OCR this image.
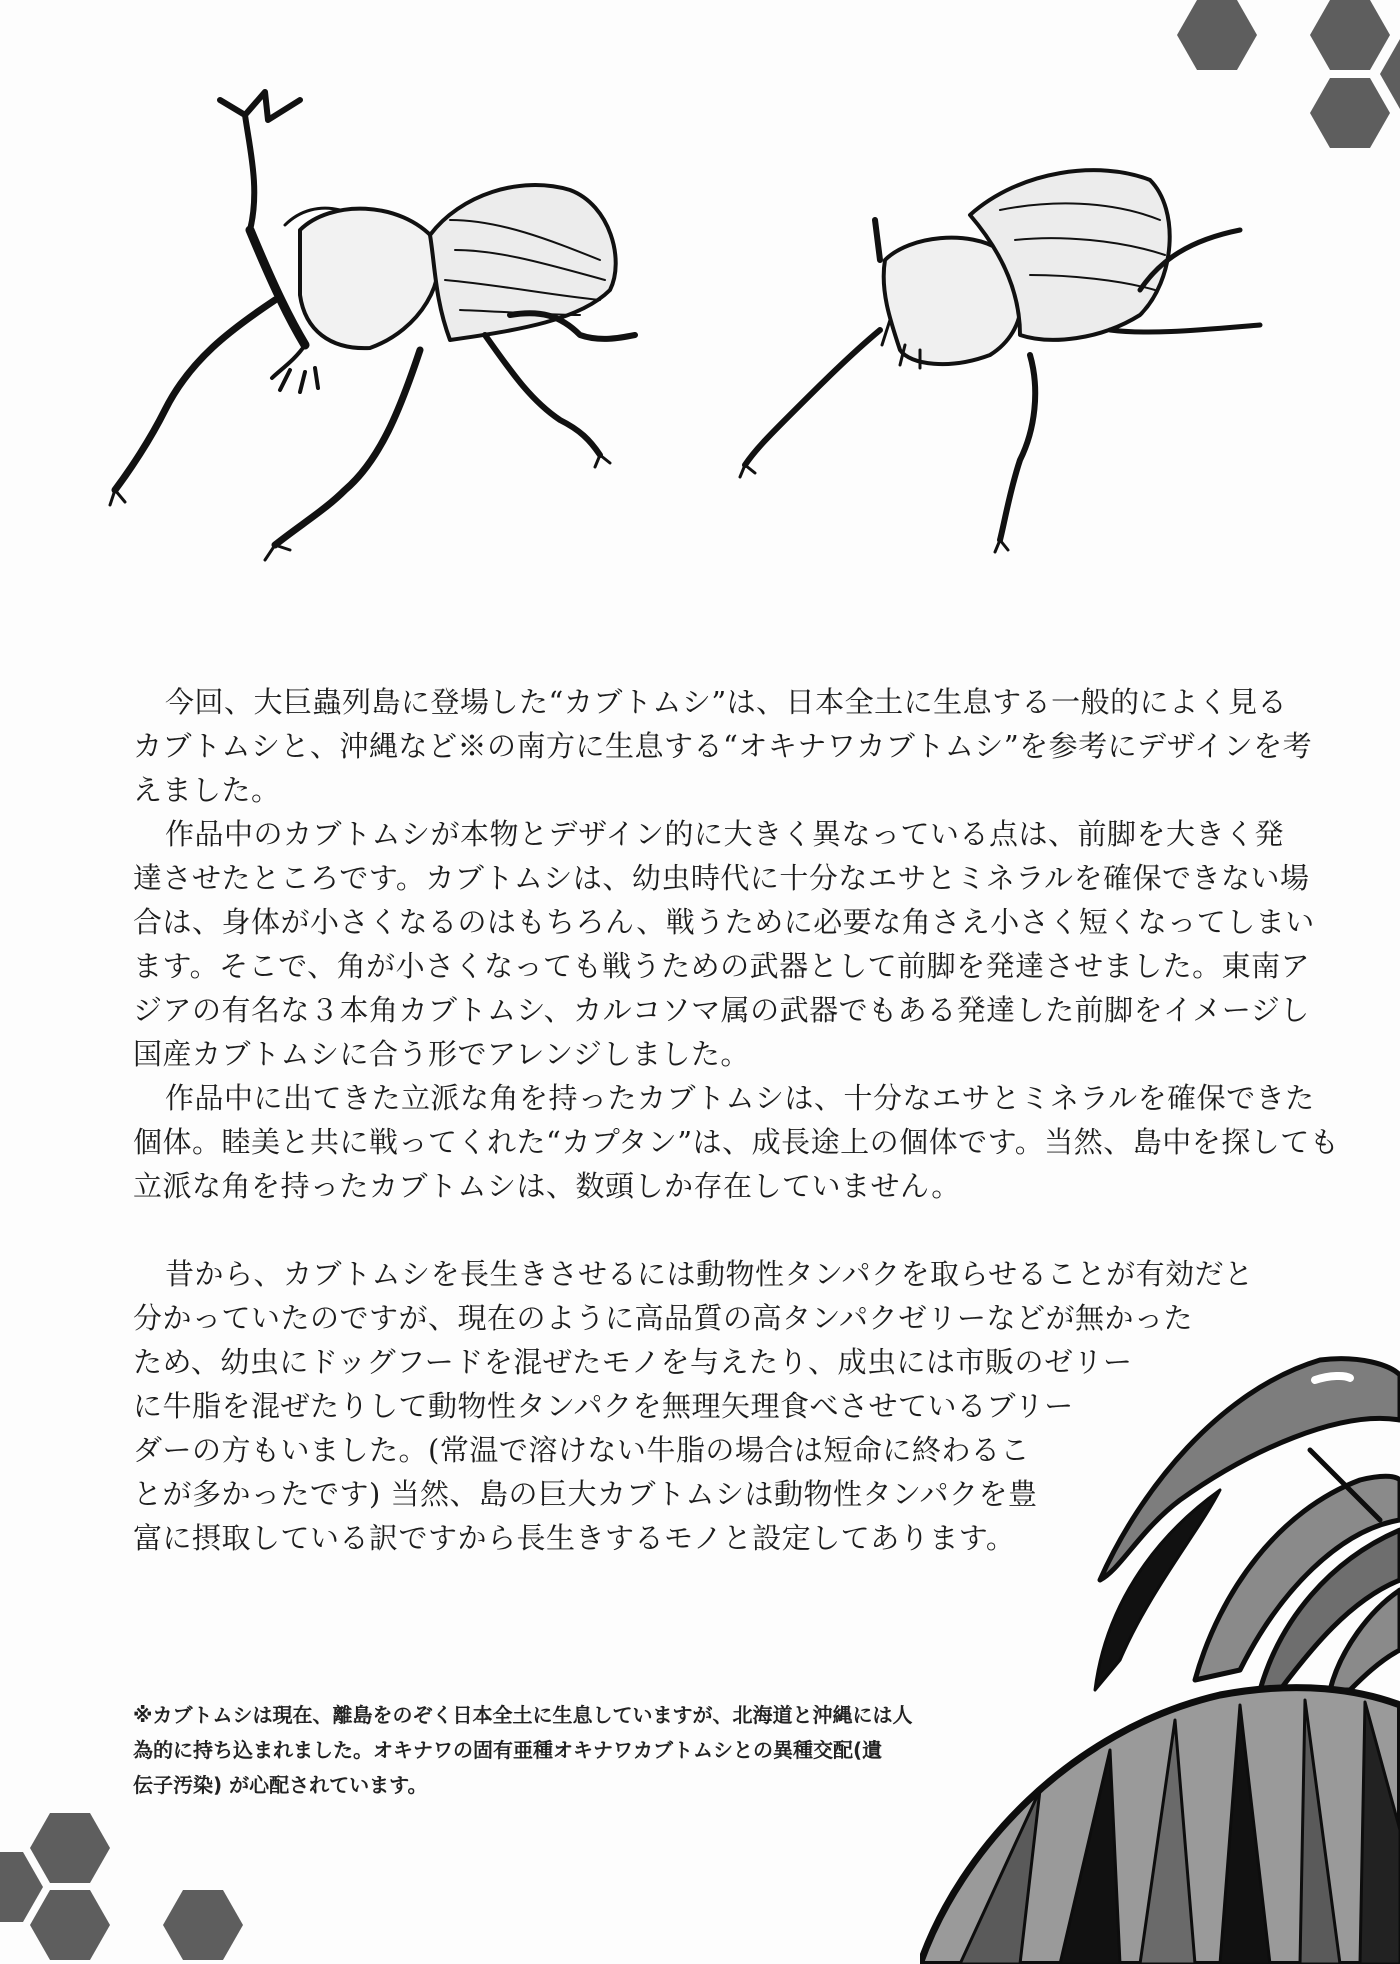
今回、大巨蟲列島に登場した“カブトムシ”は、日本全土に生息する一般的によく見る
カブトムシと、沖縄など※の南方に生息する“オキナワカブトムシ”を参考にデザインを考
えました。

作品中のカブトムシが本物とデザイン的に大きく異なっている点は、前脚を大きく発
達させたところです。カブトムシは、幼虫時代に十分なエサとミネラルを確保できない場
合は、身体が小さくなるのはもちろん、戦うために必要な角さえ小さく短くなってしまい
ます。そこで、角が小さくなっても戦うための武器として前脚を発達させました。東南ア
ジアの有名な３本角カブトムシ、カルコソマ属の武器でもある発達した前脚をイメージし
国産カブトムシに合う形でアレンジしました。

作品中に出てきた立派な角を持ったカブトムシは、十分なエサとミネラルを確保できた
個体。睦美と共に戦ってくれた“カプタン”は、成長途上の個体です。当然、島中を探しても
立派な角を持ったカブトムシは、数頭しか存在していません。

昔から、カブトムシを長生きさせるには動物性タンパクを取らせることが有効だと
分かっていたのですが、現在のように高品質の高タンパクゼリーなどが無かった
ため、幼虫にドッグフードを混ぜたモノを与えたり、成虫には市販のゼリー
に牛脂を混ぜたりして動物性タンパクを無理矢理食べさせているブリー
ダーの方もいました。(常温で溶けない牛脂の場合は短命に終わるこ
とが多かったです) 当然、島の巨大カブトムシは動物性タンパクを豊
富に摂取している訳ですから長生きするモノと設定してあります。

※カブトムシは現在、離島をのぞく日本全土に生息していますが、北海道と沖縄には人
為的に持ち込まれました。オキナワの固有亜種オキナワカブトムシとの異種交配(遺
伝子汚染) が心配されています。
